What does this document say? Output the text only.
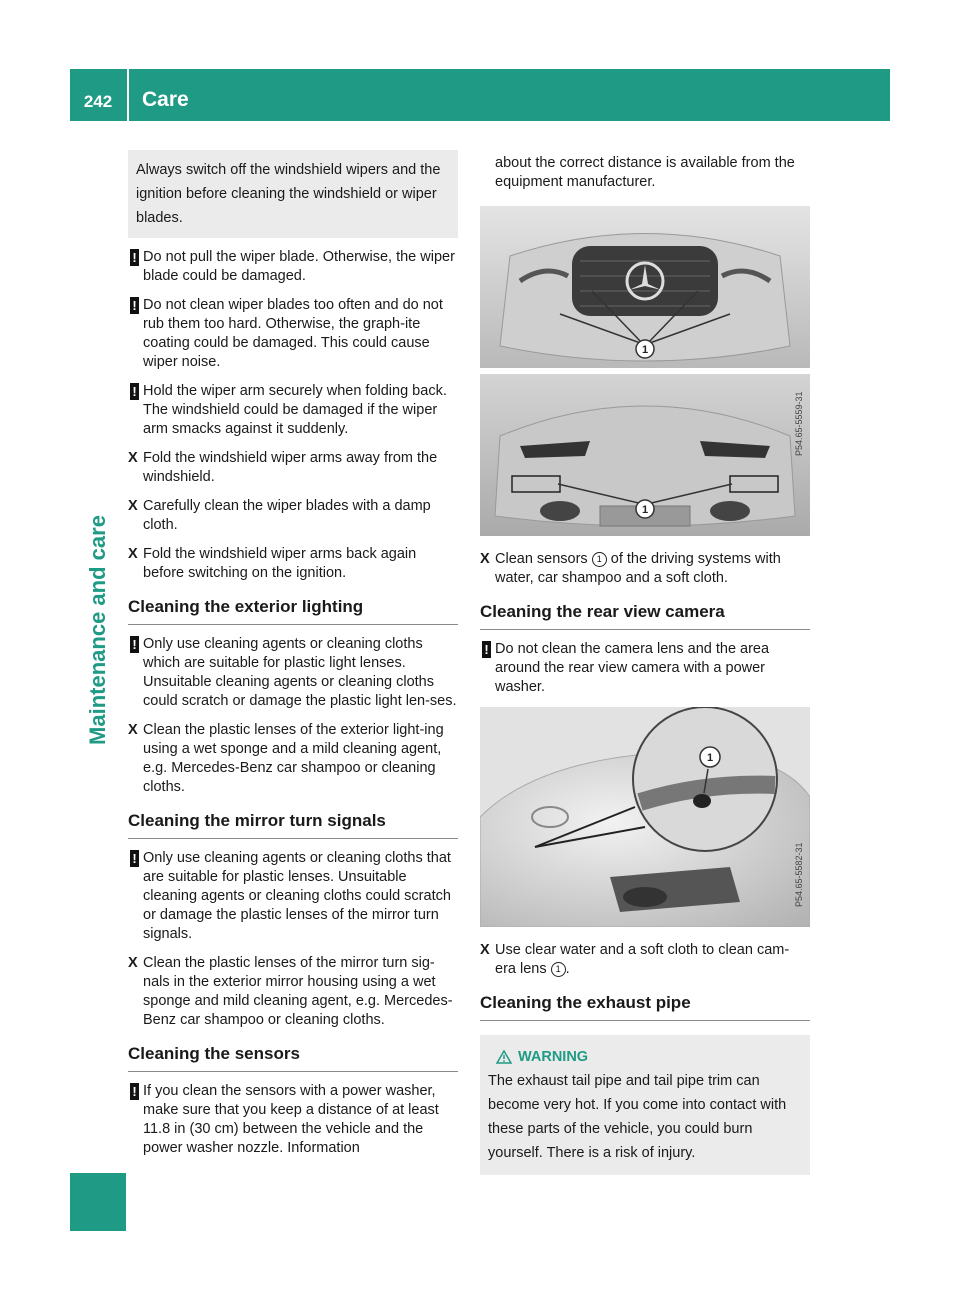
242	Care
Maintenance and care
Always switch off the windshield wipers and the ignition before cleaning the windshield or wiper blades.
! Do not pull the wiper blade. Otherwise, the wiper blade could be damaged.
! Do not clean wiper blades too often and do not rub them too hard. Otherwise, the graph-ite coating could be damaged. This could cause wiper noise.
! Hold the wiper arm securely when folding back. The windshield could be damaged if the wiper arm smacks against it suddenly.
X Fold the windshield wiper arms away from the windshield.
X Carefully clean the wiper blades with a damp cloth.
X Fold the windshield wiper arms back again before switching on the ignition.
Cleaning the exterior lighting
! Only use cleaning agents or cleaning cloths which are suitable for plastic light lenses. Unsuitable cleaning agents or cleaning cloths could scratch or damage the plastic light len-ses.
X Clean the plastic lenses of the exterior light-ing using a wet sponge and a mild cleaning agent, e.g. Mercedes-Benz car shampoo or cleaning cloths.
Cleaning the mirror turn signals
! Only use cleaning agents or cleaning cloths that are suitable for plastic lenses. Unsuitable cleaning agents or cleaning cloths could scratch or damage the plastic lenses of the mirror turn signals.
X Clean the plastic lenses of the mirror turn sig-nals in the exterior mirror housing using a wet sponge and mild cleaning agent, e.g. Mercedes-Benz car shampoo or cleaning cloths.
Cleaning the sensors
! If you clean the sensors with a power washer, make sure that you keep a distance of at least 11.8 in (30 cm) between the vehicle and the power washer nozzle. Information
about the correct distance is available from the equipment manufacturer.
1
1
P54.65-5559-31
X Clean sensors 1 of the driving systems with water, car shampoo and a soft cloth.
Cleaning the rear view camera
! Do not clean the camera lens and the area around the rear view camera with a power washer.
1
P54.65-5582-31
X Use clear water and a soft cloth to clean cam-era lens 1 .
Cleaning the exhaust pipe
WARNING
The exhaust tail pipe and tail pipe trim can become very hot. If you come into contact with these parts of the vehicle, you could burn yourself. There is a risk of injury.
